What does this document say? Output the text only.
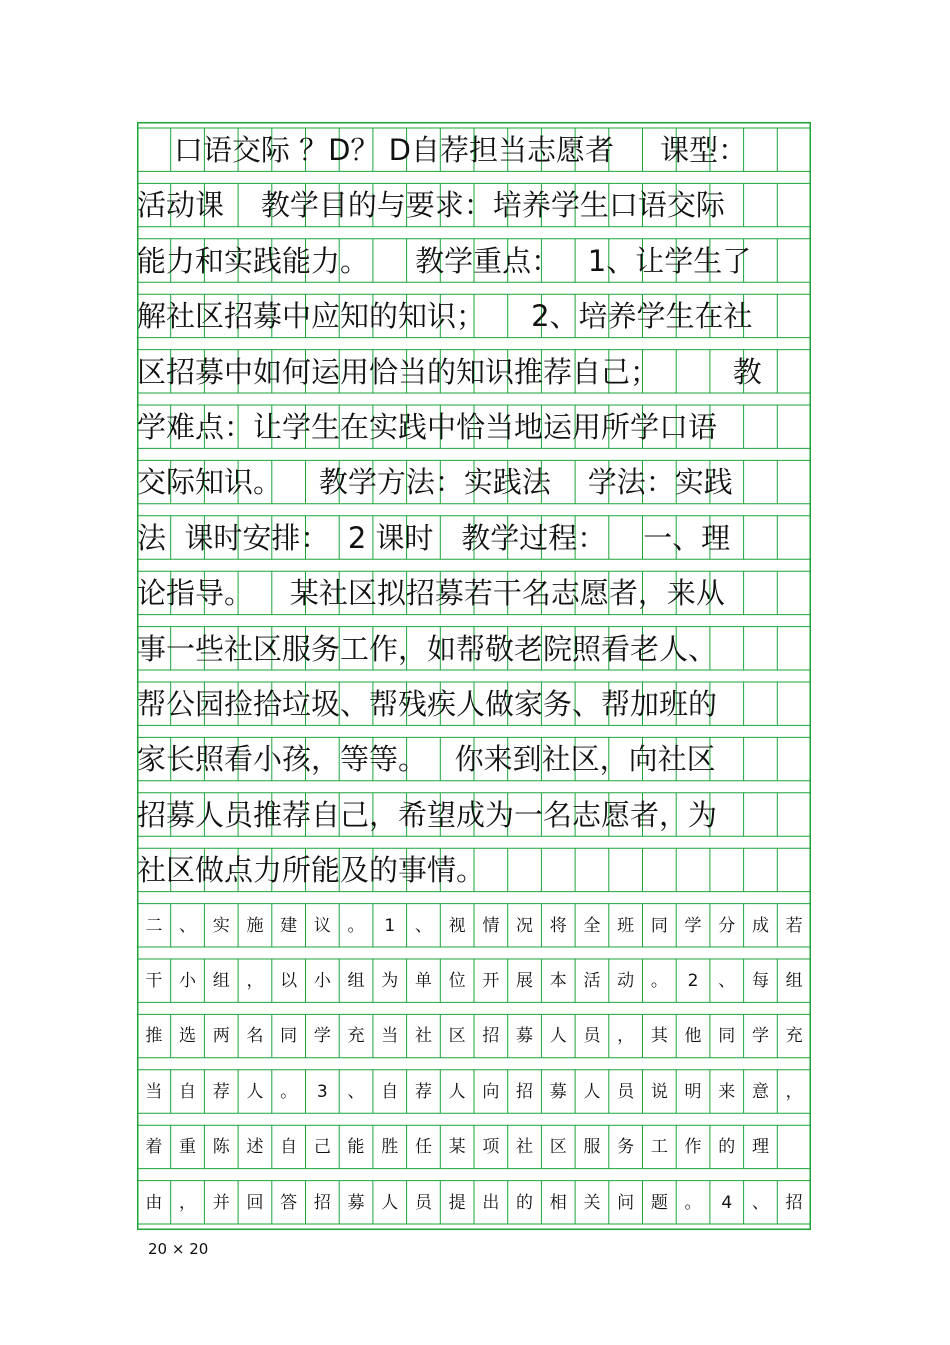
口语交际 ？D？ D自荐担当志愿者     课型：
活动课    教学目的与要求：培养学生口语交际
能力和实践能力。     教学重点：   1、让学生了
解社区招募中应知的知识；     2、培养学生在社
区招募中如何运用恰当的知识推荐自己；        教
学难点：让学生在实践中恰当地运用所学口语
交际知识。    教学方法：实践法    学法：实践
法  课时安排：  2 课时   教学过程：    一、理
论指导。    某社区拟招募若干名志愿者，来从
事一些社区服务工作，如帮敬老院照看老人、
帮公园捡拾垃圾、帮残疾人做家务、帮加班的
家长照看小孩，等等。   你来到社区，向社区
招募人员推荐自己，希望成为一名志愿者，为
社区做点力所能及的事情。
二 、 实 施 建 议 。	1	、 视 情 况 将 全 班 同 学 分 成 若
干 小 组 ， 以 小 组 为 单 位 开 展 本 活 动 。	2	、 每 组
推 选 两 名 同 学 充 当 社 区 招 募 人 员 ， 其 他 同 学 充
当 自 荐 人 。	3	、 自 荐 人 向 招 募 人 员 说 明 来 意 ，
着 重 陈 述 自 己 能 胜 任 某 项 社 区 服 务 工 作 的 理
由 ， 并 回 答 招 募 人 员 提 出 的 相 关 问 题 。	4	、 招
20 × 20
